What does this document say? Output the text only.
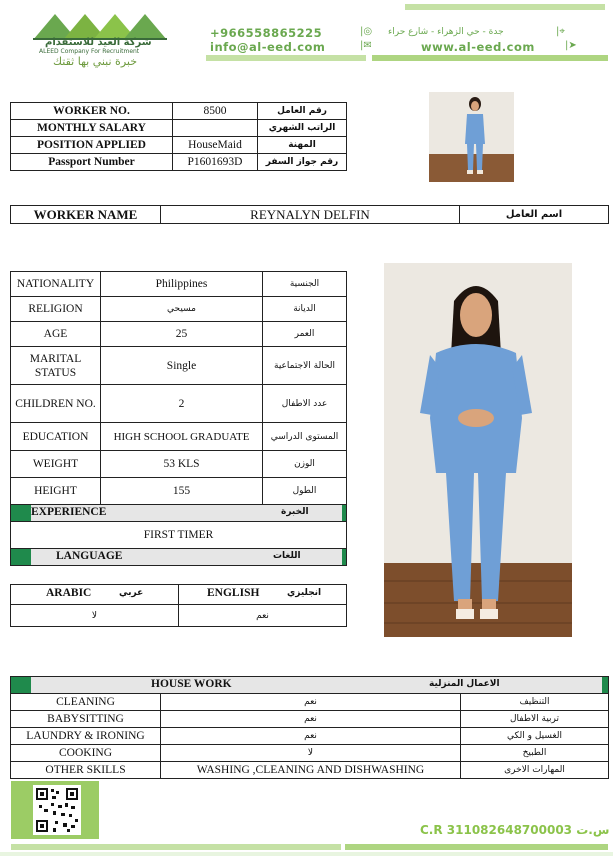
شركة العيد للاستقدام
ALEED Company For Recruitment
خبرة نبني بها ثقتك
+966558865225	|◎ جدة - حي الزهراء - شارع حراء	|⌖
info@al-eed.com	|✉	www.al-eed.com	|➤
WORKER NO.	8500	رقم العامل
MONTHLY SALARY		الراتب الشهري
POSITION APPLIED	HouseMaid	المهنة
Passport Number	P1601693D	رقم جواز السفر
WORKER NAME	REYNALYN DELFIN	اسم العامل
NATIONALITY	Philippines	الجنسية
RELIGION	مسيحي	الديانة
AGE	25	العمر
MARITAL STATUS	Single	الحالة الاجتماعية
CHILDREN NO.	2	عدد الاطفال
EDUCATION	HIGH SCHOOL GRADUATE	المستوى الدراسي
WEIGHT	53 KLS	الوزن
HEIGHT	155	الطول

EXPERIENCE الخبرة		

FIRST TIMER		

LANGUAGE اللغات		
ARABIC عربي	ENGLISH انجليزي

لا	نعم
HOUSE WORK الاعمال المنزلية		

CLEANING	نعم	التنظيف
BABYSITTING	نعم	تربية الاطفال
LAUNDRY & IRONING	نعم	الغسيل و الكي
COOKING	لا	الطبيخ
OTHER SKILLS	WASHING ,CLEANING AND DISHWASHING	المهارات الاخرى
C.R 311082648700003 س.ت
